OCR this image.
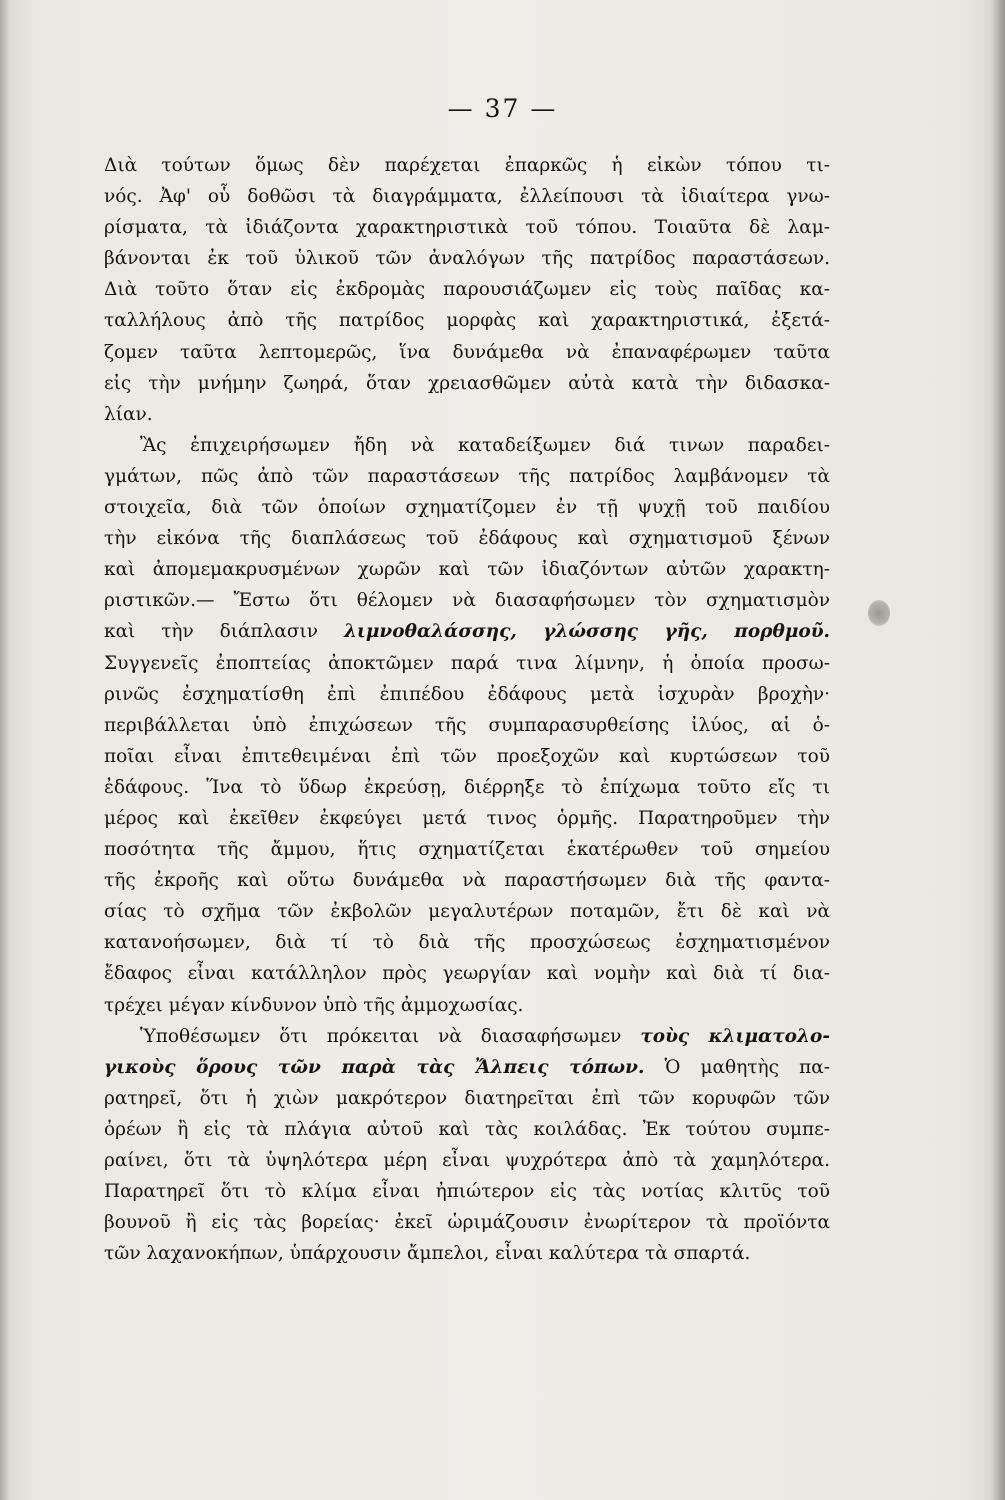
— 37 —
Διὰ τούτων ὅμως δὲν παρέχεται ἐπαρκῶς ἡ εἰκὼν τόπου τι-
νός. Ἀφ' οὗ δοθῶσι τὰ διαγράμματα, ἐλλείπουσι τὰ ἰδιαίτερα γνω-
ρίσματα, τὰ ἰδιάζοντα χαρακτηριστικὰ τοῦ τόπου. Τοιαῦτα δὲ λαμ-
βάνονται ἐκ τοῦ ὑλικοῦ τῶν ἀναλόγων τῆς πατρίδος παραστάσεων.
Διὰ τοῦτο ὅταν εἰς ἐκδρομὰς παρουσιάζωμεν εἰς τοὺς παῖδας κα-
ταλλήλους ἀπὸ τῆς πατρίδος μορφὰς καὶ χαρακτηριστικά, ἐξετά-
ζομεν ταῦτα λεπτομερῶς, ἵνα δυνάμεθα νὰ ἐπαναφέρωμεν ταῦτα
εἰς τὴν μνήμην ζωηρά, ὅταν χρειασθῶμεν αὐτὰ κατὰ τὴν διδασκα-
λίαν.
Ἂς ἐπιχειρήσωμεν ἤδη νὰ καταδείξωμεν διά τινων παραδει-
γμάτων, πῶς ἀπὸ τῶν παραστάσεων τῆς πατρίδος λαμβάνομεν τὰ
στοιχεῖα, διὰ τῶν ὁποίων σχηματίζομεν ἐν τῇ ψυχῇ τοῦ παιδίου
τὴν εἰκόνα τῆς διαπλάσεως τοῦ ἐδάφους καὶ σχηματισμοῦ ξένων
καὶ ἀπομεμακρυσμένων χωρῶν καὶ τῶν ἰδιαζόντων αὐτῶν χαρακτη-
ριστικῶν.— Ἔστω ὅτι θέλομεν νὰ διασαφήσωμεν τὸν σχηματισμὸν
καὶ τὴν διάπλασιν λιμνοθαλάσσης, γλώσσης γῆς, πορθμοῦ.
Συγγενεῖς ἐποπτείας ἀποκτῶμεν παρά τινα λίμνην, ἡ ὁποία προσω-
ρινῶς ἐσχηματίσθη ἐπὶ ἐπιπέδου ἐδάφους μετὰ ἰσχυρὰν βροχὴν·
περιβάλλεται ὑπὸ ἐπιχώσεων τῆς συμπαρασυρθείσης ἰλύος, αἱ ὁ-
ποῖαι εἶναι ἐπιτεθειμέναι ἐπὶ τῶν προεξοχῶν καὶ κυρτώσεων τοῦ
ἐδάφους. Ἵνα τὸ ὕδωρ ἐκρεύσῃ, διέρρηξε τὸ ἐπίχωμα τοῦτο εἴς τι
μέρος καὶ ἐκεῖθεν ἐκφεύγει μετά τινος ὁρμῆς. Παρατηροῦμεν τὴν
ποσότητα τῆς ἄμμου, ἥτις σχηματίζεται ἑκατέρωθεν τοῦ σημείου
τῆς ἐκροῆς καὶ οὕτω δυνάμεθα νὰ παραστήσωμεν διὰ τῆς φαντα-
σίας τὸ σχῆμα τῶν ἐκβολῶν μεγαλυτέρων ποταμῶν, ἔτι δὲ καὶ νὰ
κατανοήσωμεν, διὰ τί τὸ διὰ τῆς προσχώσεως ἐσχηματισμένον
ἔδαφος εἶναι κατάλληλον πρὸς γεωργίαν καὶ νομὴν καὶ διὰ τί δια-
τρέχει μέγαν κίνδυνον ὑπὸ τῆς ἀμμοχωσίας.
Ὑποθέσωμεν ὅτι πρόκειται νὰ διασαφήσωμεν τοὺς κλιματολο-
γικοὺς ὅρους τῶν παρὰ τὰς Ἄλπεις τόπων. Ὁ μαθητὴς πα-
ρατηρεῖ, ὅτι ἡ χιὼν μακρότερον διατηρεῖται ἐπὶ τῶν κορυφῶν τῶν
ὀρέων ἢ εἰς τὰ πλάγια αὐτοῦ καὶ τὰς κοιλάδας. Ἐκ τούτου συμπε-
ραίνει, ὅτι τὰ ὑψηλότερα μέρη εἶναι ψυχρότερα ἀπὸ τὰ χαμηλότερα.
Παρατηρεῖ ὅτι τὸ κλίμα εἶναι ἠπιώτερον εἰς τὰς νοτίας κλιτῦς τοῦ
βουνοῦ ἢ εἰς τὰς βορείας· ἐκεῖ ὡριμάζουσιν ἐνωρίτερον τὰ προϊόντα
τῶν λαχανοκήπων, ὑπάρχουσιν ἄμπελοι, εἶναι καλύτερα τὰ σπαρτά.
